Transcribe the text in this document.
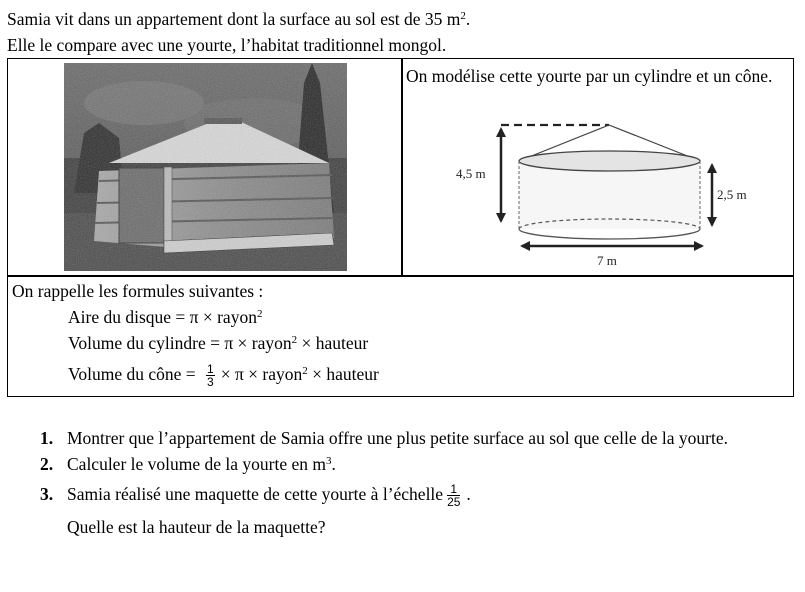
Samia vit dans un appartement dont la surface au sol est de 35 $m^2$.
Elle le compare avec une yourte, l’habitat traditionnel mongol.
On modélise cette yourte par un cylindre et un cône.
4,5 m
2,5 m
7 m
On rappelle les formules suivantes :
Aire du disque = π × rayon$^2$
Volume du cylindre = π × rayon$^2$ × hauteur
Volume du cône = $\frac{1}{3} \times \pi$ × rayon$^2$ × hauteur
1. Montrer que l’appartement de Samia offre une plus petite surface au sol que celle de la yourte.
2. Calculer le volume de la yourte en $m^3$.
3. Samia réalisé une maquette de cette yourte à l’échelle $\frac{1}{25}$ .
Quelle est la hauteur de la maquette?
